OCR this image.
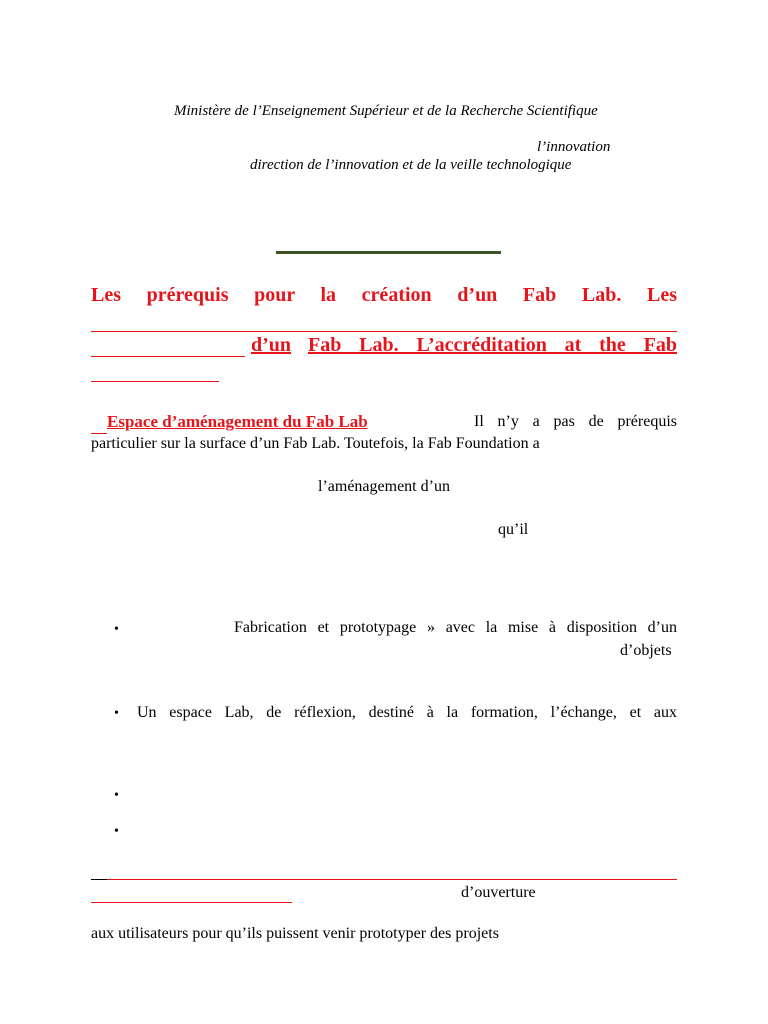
Ministère de l’Enseignement Supérieur et de la Recherche Scientifique
l’innovation
direction de l’innovation et de la veille technologique
Les prérequis pour la création d’un Fab Lab. Les
d’un Fab Lab. L’accréditation at the Fab
Espace d’aménagement du Fab Lab	Il n’y a pas de prérequis
particulier sur la surface d’un Fab Lab. Toutefois, la Fab Foundation a
l’aménagement d’un
qu’il
•	Fabrication et prototypage » avec la mise à disposition d’un
d’objets
• Un espace Lab, de réflexion, destiné à la formation, l’échange, et aux
•
•
d’ouverture
aux utilisateurs pour qu’ils puissent venir prototyper des projets
